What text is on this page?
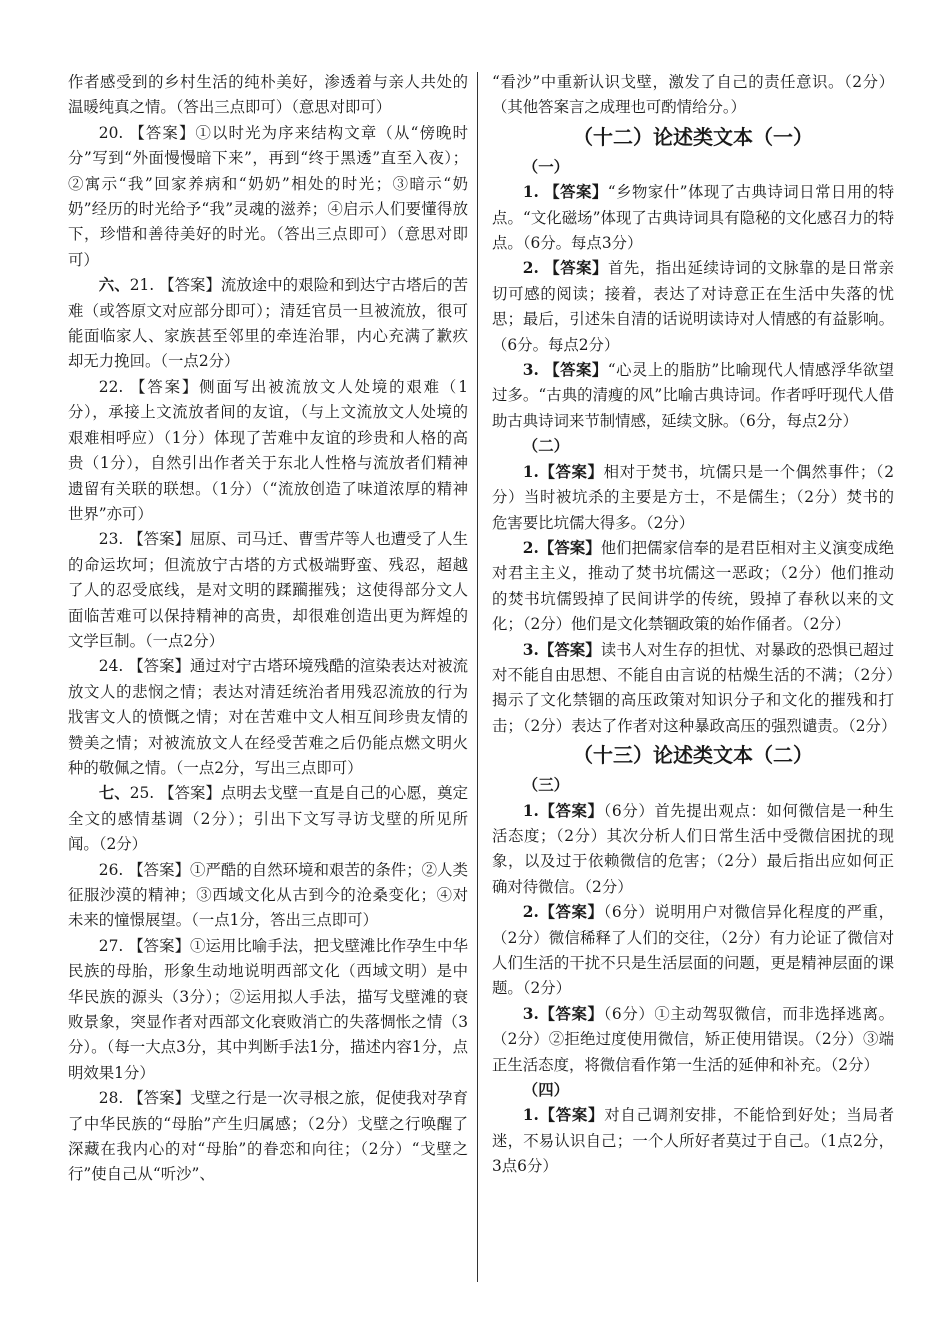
作者感受到的乡村生活的纯朴美好，渗透着与亲人共处的温暖纯真之情。（答出三点即可）（意思对即可）

20. 【答案】①以时光为序来结构文章（从“傍晚时分”写到“外面慢慢暗下来”，再到“终于黑透”直至入夜）；②寓示“我”回家养病和“奶奶”相处的时光；③暗示“奶奶”经历的时光给予“我”灵魂的滋养；④启示人们要懂得放下，珍惜和善待美好的时光。（答出三点即可）（意思对即可）

六、21. 【答案】流放途中的艰险和到达宁古塔后的苦难（或答原文对应部分即可）；清廷官员一旦被流放，很可能面临家人、家族甚至邻里的牵连治罪，内心充满了歉疚却无力挽回。（一点2分）

22. 【答案】侧面写出被流放文人处境的艰难（1分），承接上文流放者间的友谊，（与上文流放文人处境的艰难相呼应）（1分）体现了苦难中友谊的珍贵和人格的高贵（1分），自然引出作者关于东北人性格与流放者们精神遗留有关联的联想。（1分）（“流放创造了味道浓厚的精神世界”亦可）

23. 【答案】屈原、司马迁、曹雪芹等人也遭受了人生的命运坎坷；但流放宁古塔的方式极端野蛮、残忍，超越了人的忍受底线，是对文明的蹂躏摧残；这使得部分文人面临苦难可以保持精神的高贵，却很难创造出更为辉煌的文学巨制。（一点2分）

24. 【答案】通过对宁古塔环境残酷的渲染表达对被流放文人的悲悯之情；表达对清廷统治者用残忍流放的行为戕害文人的愤慨之情；对在苦难中文人相互间珍贵友情的赞美之情；对被流放文人在经受苦难之后仍能点燃文明火种的敬佩之情。（一点2分，写出三点即可）

七、25. 【答案】点明去戈壁一直是自己的心愿，奠定全文的感情基调（2分）；引出下文写寻访戈壁的所见所闻。（2分）

26. 【答案】①严酷的自然环境和艰苦的条件；②人类征服沙漠的精神；③西域文化从古到今的沧桑变化；④对未来的憧憬展望。（一点1分，答出三点即可）

27. 【答案】①运用比喻手法，把戈壁滩比作孕生中华民族的母胎，形象生动地说明西部文化（西域文明）是中华民族的源头（3分）；②运用拟人手法，描写戈壁滩的衰败景象，突显作者对西部文化衰败消亡的失落惆怅之情（3分）。（每一大点3分，其中判断手法1分，描述内容1分，点明效果1分）

28. 【答案】戈壁之行是一次寻根之旅，促使我对孕育了中华民族的“母胎”产生归属感；（2分）戈壁之行唤醒了深藏在我内心的对“母胎”的眷恋和向往；（2分）“戈壁之行”使自己从“听沙”、

“看沙”中重新认识戈壁，激发了自己的责任意识。（2分）（其他答案言之成理也可酌情给分。）

（十二）论述类文本（一）

（一）

1. 【答案】“乡物家什”体现了古典诗词日常日用的特点。“文化磁场”体现了古典诗词具有隐秘的文化感召力的特点。（6分。每点3分）

2. 【答案】首先，指出延续诗词的文脉靠的是日常亲切可感的阅读；接着，表达了对诗意正在生活中失落的忧思；最后，引述朱自清的话说明读诗对人情感的有益影响。（6分。每点2分）

3. 【答案】“心灵上的脂肪”比喻现代人情感浮华欲望过多。“古典的清瘦的风”比喻古典诗词。作者呼吁现代人借助古典诗词来节制情感，延续文脉。（6分，每点2分）

（二）

1.【答案】相对于焚书，坑儒只是一个偶然事件；（2分）当时被坑杀的主要是方士，不是儒生；（2分）焚书的危害要比坑儒大得多。（2分）

2.【答案】他们把儒家信奉的是君臣相对主义演变成绝对君主主义，推动了焚书坑儒这一恶政；（2分）他们推动的焚书坑儒毁掉了民间讲学的传统，毁掉了春秋以来的文化；（2分）他们是文化禁锢政策的始作俑者。（2分）

3.【答案】读书人对生存的担忧、对暴政的恐惧已超过对不能自由思想、不能自由言说的枯燥生活的不满；（2分）揭示了文化禁锢的高压政策对知识分子和文化的摧残和打击；（2分）表达了作者对这种暴政高压的强烈谴责。（2分）

（十三）论述类文本（二）

（三）

1.【答案】（6分）首先提出观点：如何微信是一种生活态度；（2分）其次分析人们日常生活中受微信困扰的现象，以及过于依赖微信的危害；（2分）最后指出应如何正确对待微信。（2分）

2.【答案】（6分）说明用户对微信异化程度的严重，（2分）微信稀释了人们的交往，（2分）有力论证了微信对人们生活的干扰不只是生活层面的问题，更是精神层面的课题。（2分）

3.【答案】（6分）①主动驾驭微信，而非选择逃离。（2分）②拒绝过度使用微信，矫正使用错误。（2分）③端正生活态度，将微信看作第一生活的延伸和补充。（2分）

（四）

1.【答案】对自己调剂安排，不能恰到好处；当局者迷，不易认识自己；一个人所好者莫过于自己。（1点2分，3点6分）
